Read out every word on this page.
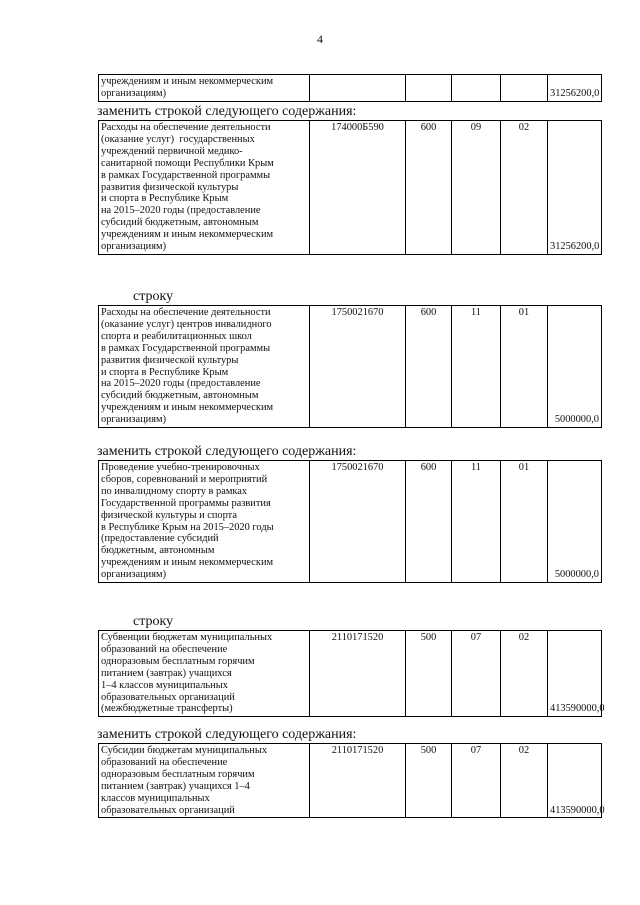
4
учреждениям и иным некоммерческим
организациям)					31256200,0
заменить строкой следующего содержания:
Расходы на обеспечение деятельности
(оказание услуг)  государственных
учреждений первичной медико-
санитарной помощи Республики Крым
в рамках Государственной программы
развития физической культуры
и спорта в Республике Крым
на 2015–2020 годы (предоставление
субсидий бюджетным, автономным
учреждениям и иным некоммерческим
организациям)	174000Б590	600	09	02	31256200,0
строку
Расходы на обеспечение деятельности
(оказание услуг) центров инвалидного
спорта и реабилитационных школ
в рамках Государственной программы
развития физической культуры
и спорта в Республике Крым
на 2015–2020 годы (предоставление
субсидий бюджетным, автономным
учреждениям и иным некоммерческим
организациям)	1750021670	600	11	01	5000000,0
заменить строкой следующего содержания:
Проведение учебно-тренировочных
сборов, соревнований и мероприятий
по инвалидному спорту в рамках
Государственной программы развития
физической культуры и спорта
в Республике Крым на 2015–2020 годы
(предоставление субсидий
бюджетным, автономным
учреждениям и иным некоммерческим
организациям)	1750021670	600	11	01	5000000,0
строку
Субвенции бюджетам муниципальных
образований на обеспечение
одноразовым бесплатным горячим
питанием (завтрак) учащихся
1–4 классов муниципальных
образовательных организаций
(межбюджетные трансферты)	2110171520	500	07	02	413590000,0
заменить строкой следующего содержания:
Субсидии бюджетам муниципальных
образований на обеспечение
одноразовым бесплатным горячим
питанием (завтрак) учащихся 1–4
классов муниципальных
образовательных организаций	2110171520	500	07	02	413590000,0
